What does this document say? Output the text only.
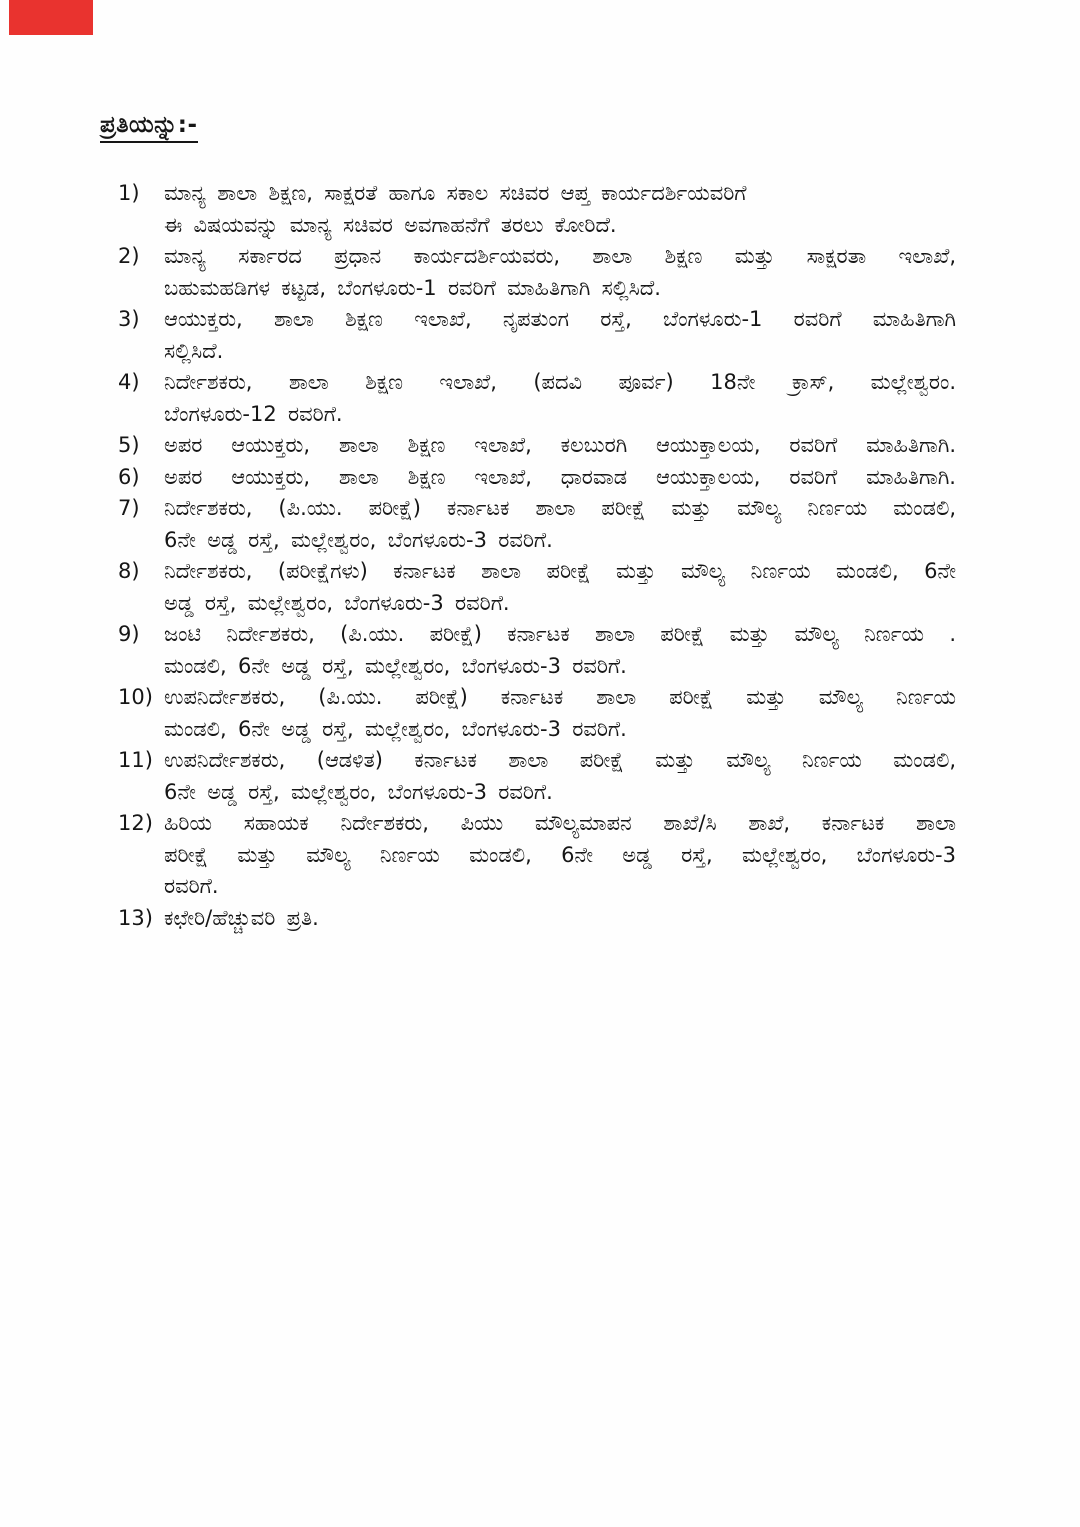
ಪ್ರತಿಯನ್ನು:-
1)	ಮಾನ್ಯ ಶಾಲಾ ಶಿಕ್ಷಣ, ಸಾಕ್ಷರತೆ ಹಾಗೂ ಸಕಾಲ ಸಚಿವರ ಆಪ್ತ ಕಾರ್ಯದರ್ಶಿಯವರಿಗೆ
ಈ ವಿಷಯವನ್ನು ಮಾನ್ಯ ಸಚಿವರ ಅವಗಾಹನೆಗೆ ತರಲು ಕೋರಿದೆ.
2)	ಮಾನ್ಯ ಸರ್ಕಾರದ ಪ್ರಧಾನ ಕಾರ್ಯದರ್ಶಿಯವರು, ಶಾಲಾ ಶಿಕ್ಷಣ ಮತ್ತು ಸಾಕ್ಷರತಾ ಇಲಾಖೆ,
ಬಹುಮಹಡಿಗಳ ಕಟ್ಟಡ, ಬೆಂಗಳೂರು-1 ರವರಿಗೆ ಮಾಹಿತಿಗಾಗಿ ಸಲ್ಲಿಸಿದೆ.
3)	ಆಯುಕ್ತರು, ಶಾಲಾ ಶಿಕ್ಷಣ ಇಲಾಖೆ, ನೃಪತುಂಗ ರಸ್ತೆ, ಬೆಂಗಳೂರು-1 ರವರಿಗೆ ಮಾಹಿತಿಗಾಗಿ
ಸಲ್ಲಿಸಿದೆ.
4)	ನಿರ್ದೇಶಕರು, ಶಾಲಾ ಶಿಕ್ಷಣ ಇಲಾಖೆ, (ಪದವಿ ಪೂರ್ವ) 18ನೇ ಕ್ರಾಸ್, ಮಲ್ಲೇಶ್ವರಂ.
ಬೆಂಗಳೂರು-12 ರವರಿಗೆ.
5)	ಅಪರ ಆಯುಕ್ತರು, ಶಾಲಾ ಶಿಕ್ಷಣ ಇಲಾಖೆ, ಕಲಬುರಗಿ ಆಯುಕ್ತಾಲಯ, ರವರಿಗೆ ಮಾಹಿತಿಗಾಗಿ.
6)	ಅಪರ ಆಯುಕ್ತರು, ಶಾಲಾ ಶಿಕ್ಷಣ ಇಲಾಖೆ, ಧಾರವಾಡ ಆಯುಕ್ತಾಲಯ, ರವರಿಗೆ ಮಾಹಿತಿಗಾಗಿ.
7)	ನಿರ್ದೇಶಕರು, (ಪಿ.ಯು. ಪರೀಕ್ಷೆ) ಕರ್ನಾಟಕ ಶಾಲಾ ಪರೀಕ್ಷೆ ಮತ್ತು ಮೌಲ್ಯ ನಿರ್ಣಯ ಮಂಡಲಿ,
6ನೇ ಅಡ್ಡ ರಸ್ತೆ, ಮಲ್ಲೇಶ್ವರಂ, ಬೆಂಗಳೂರು-3 ರವರಿಗೆ.
8)	ನಿರ್ದೇಶಕರು, (ಪರೀಕ್ಷೆಗಳು) ಕರ್ನಾಟಕ ಶಾಲಾ ಪರೀಕ್ಷೆ ಮತ್ತು ಮೌಲ್ಯ ನಿರ್ಣಯ ಮಂಡಲಿ, 6ನೇ
ಅಡ್ಡ ರಸ್ತೆ, ಮಲ್ಲೇಶ್ವರಂ, ಬೆಂಗಳೂರು-3 ರವರಿಗೆ.
9)	ಜಂಟಿ ನಿರ್ದೇಶಕರು, (ಪಿ.ಯು. ಪರೀಕ್ಷೆ) ಕರ್ನಾಟಕ ಶಾಲಾ ಪರೀಕ್ಷೆ ಮತ್ತು ಮೌಲ್ಯ ನಿರ್ಣಯ .
ಮಂಡಲಿ, 6ನೇ ಅಡ್ಡ ರಸ್ತೆ, ಮಲ್ಲೇಶ್ವರಂ, ಬೆಂಗಳೂರು-3 ರವರಿಗೆ.
10) ಉಪನಿರ್ದೇಶಕರು, (ಪಿ.ಯು. ಪರೀಕ್ಷೆ) ಕರ್ನಾಟಕ ಶಾಲಾ ಪರೀಕ್ಷೆ ಮತ್ತು ಮೌಲ್ಯ ನಿರ್ಣಯ
ಮಂಡಲಿ, 6ನೇ ಅಡ್ಡ ರಸ್ತೆ, ಮಲ್ಲೇಶ್ವರಂ, ಬೆಂಗಳೂರು-3 ರವರಿಗೆ.
11) ಉಪನಿರ್ದೇಶಕರು, (ಆಡಳಿತ) ಕರ್ನಾಟಕ ಶಾಲಾ ಪರೀಕ್ಷೆ ಮತ್ತು ಮೌಲ್ಯ ನಿರ್ಣಯ ಮಂಡಲಿ,
6ನೇ ಅಡ್ಡ ರಸ್ತೆ, ಮಲ್ಲೇಶ್ವರಂ, ಬೆಂಗಳೂರು-3 ರವರಿಗೆ.
12) ಹಿರಿಯ ಸಹಾಯಕ ನಿರ್ದೇಶಕರು, ಪಿಯು ಮೌಲ್ಯಮಾಪನ ಶಾಖೆ/ಸಿ ಶಾಖೆ, ಕರ್ನಾಟಕ ಶಾಲಾ
ಪರೀಕ್ಷೆ ಮತ್ತು ಮೌಲ್ಯ ನಿರ್ಣಯ ಮಂಡಲಿ, 6ನೇ ಅಡ್ಡ ರಸ್ತೆ, ಮಲ್ಲೇಶ್ವರಂ, ಬೆಂಗಳೂರು-3
ರವರಿಗೆ.
13) ಕಛೇರಿ/ಹೆಚ್ಚುವರಿ ಪ್ರತಿ.
